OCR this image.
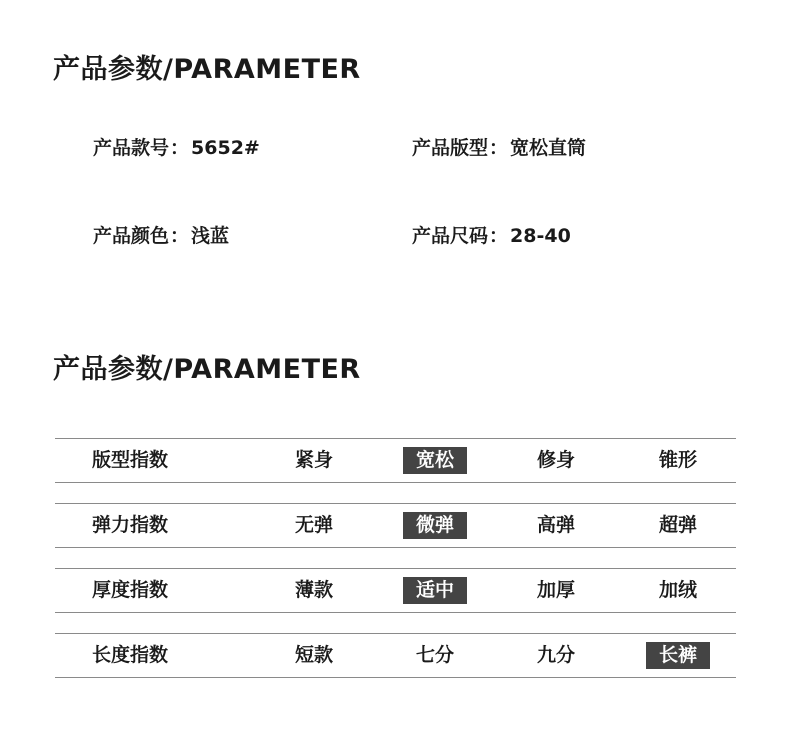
产品参数/PARAMETER
产品款号： 5652#	产品版型： 宽松直筒
产品颜色： 浅蓝	产品尺码： 28-40
产品参数/PARAMETER
版型指数	紧身	宽松	修身	锥形
弹力指数	无弹	微弹	高弹	超弹
厚度指数	薄款	适中	加厚	加绒
长度指数	短款	七分	九分	长裤
